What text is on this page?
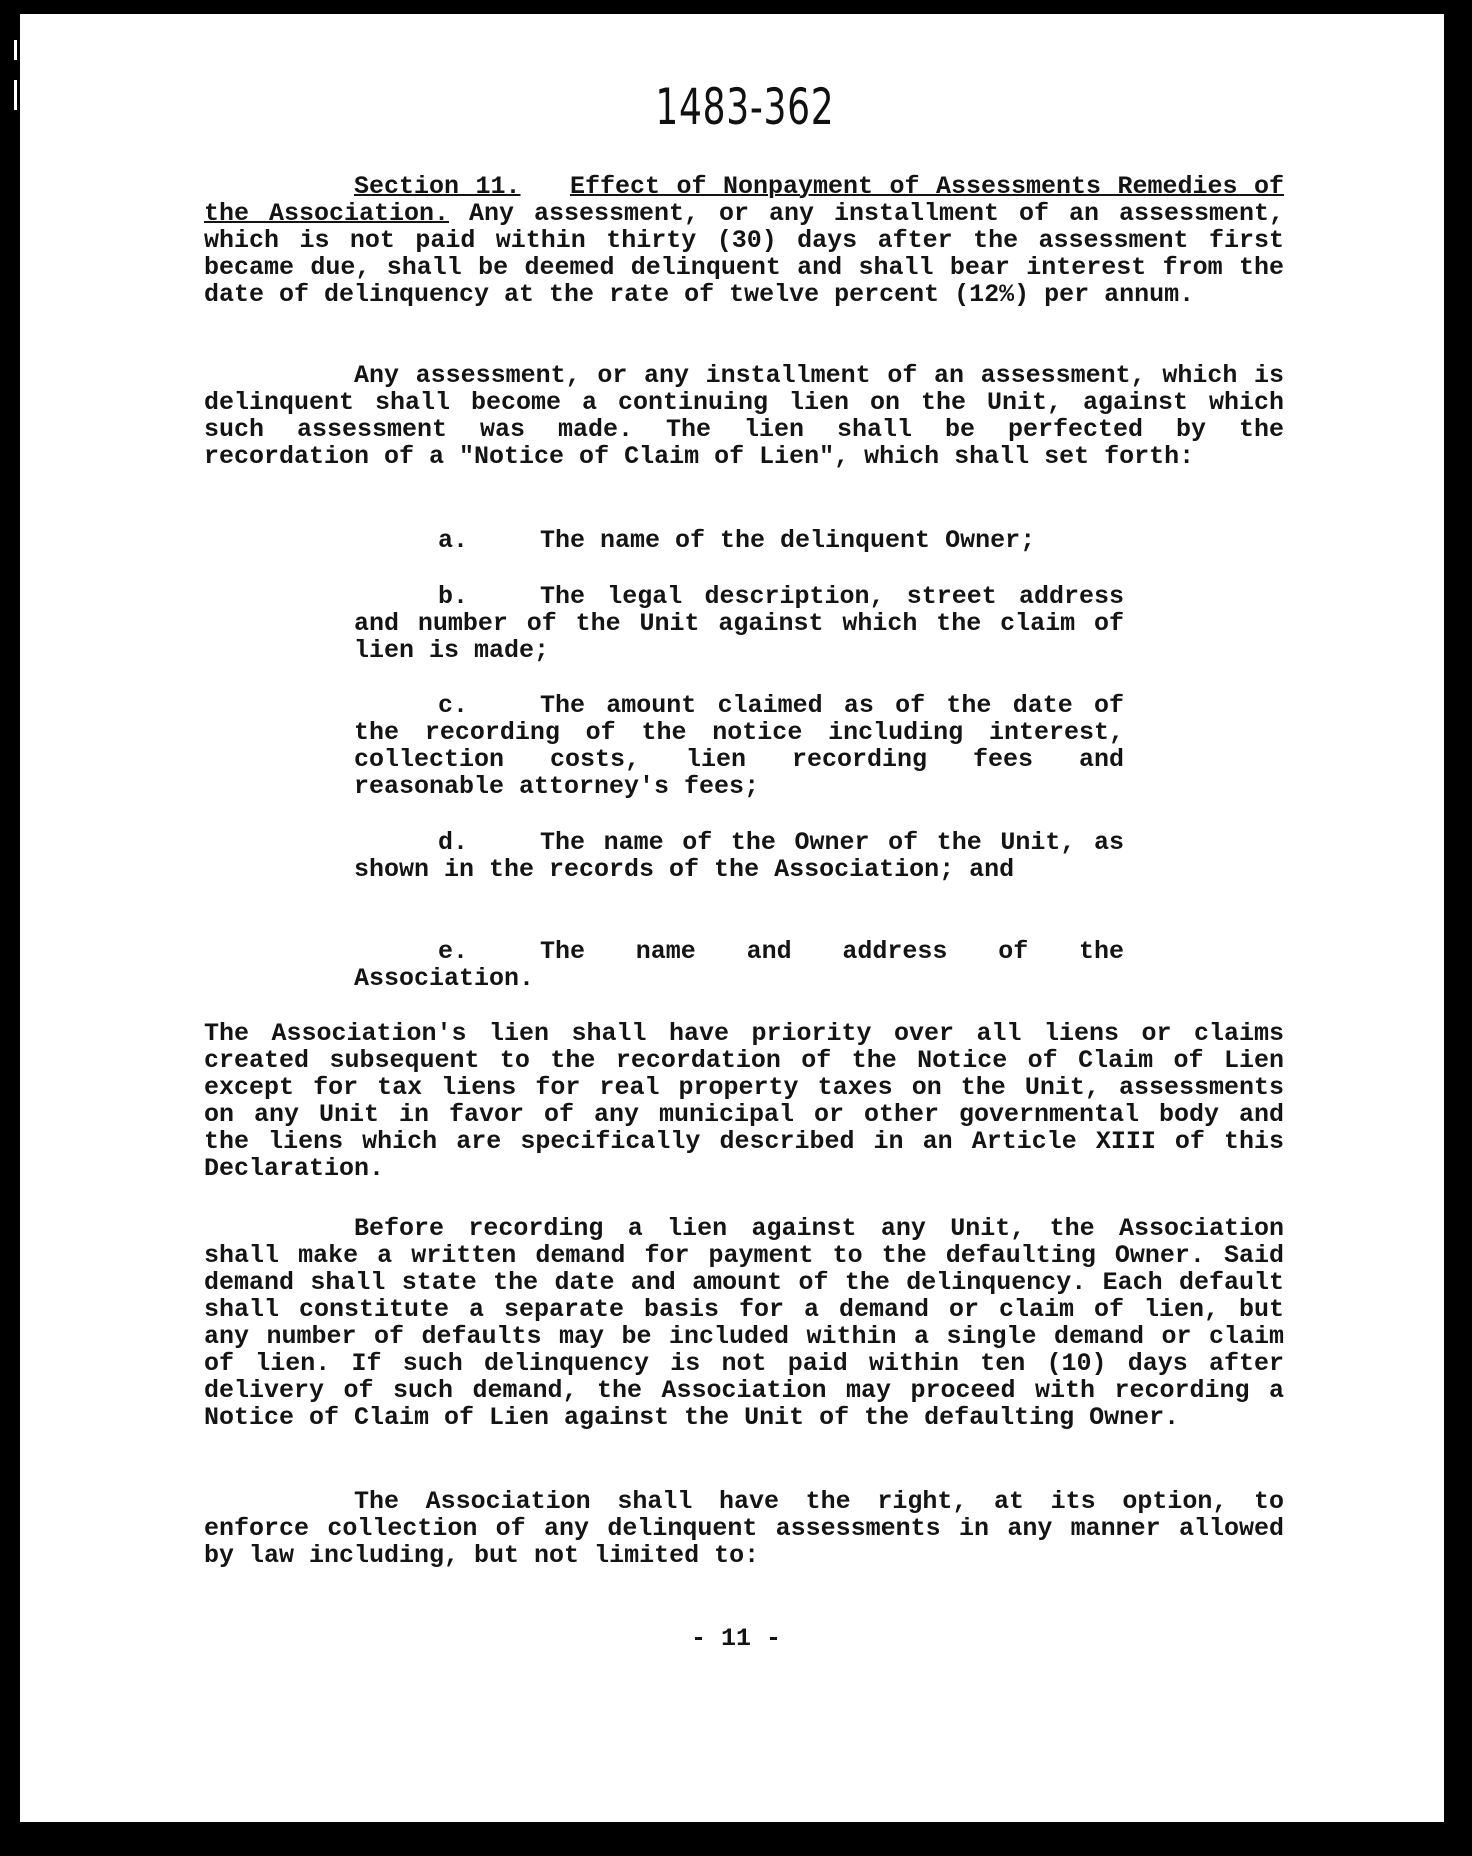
1483-362

Section 11. Effect of Nonpayment of Assessments Remedies of the Association. Any assessment, or any installment of an assessment, which is not paid within thirty (30) days after the assessment first became due, shall be deemed delinquent and shall bear interest from the date of delinquency at the rate of twelve percent (12%) per annum.

Any assessment, or any installment of an assessment, which is delinquent shall become a continuing lien on the Unit, against which such assessment was made. The lien shall be perfected by the recordation of a "Notice of Claim of Lien", which shall set forth:

a.	The name of the delinquent Owner;

b.	The legal description, street address and number of the Unit against which the claim of lien is made;

c.	The amount claimed as of the date of the recording of the notice including interest, collection costs, lien recording fees and reasonable attorney's fees;

d.	The name of the Owner of the Unit, as shown in the records of the Association; and

e.	The name and address of the Association.

The Association's lien shall have priority over all liens or claims created subsequent to the recordation of the Notice of Claim of Lien except for tax liens for real property taxes on the Unit, assessments on any Unit in favor of any municipal or other governmental body and the liens which are specifically described in an Article XIII of this Declaration.

Before recording a lien against any Unit, the Association shall make a written demand for payment to the defaulting Owner. Said demand shall state the date and amount of the delinquency. Each default shall constitute a separate basis for a demand or claim of lien, but any number of defaults may be included within a single demand or claim of lien. If such delinquency is not paid within ten (10) days after delivery of such demand, the Association may proceed with recording a Notice of Claim of Lien against the Unit of the defaulting Owner.

The Association shall have the right, at its option, to enforce collection of any delinquent assessments in any manner allowed by law including, but not limited to:

- 11 -
